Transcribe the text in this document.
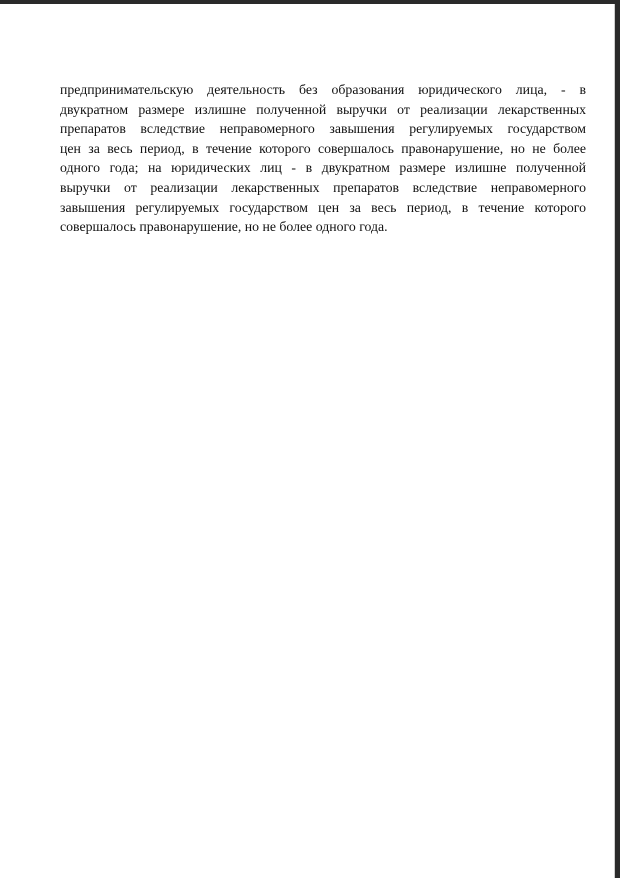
предпринимательскую деятельность без образования юридического лица, - в
двукратном размере излишне полученной выручки от реализации лекарственных
препаратов вследствие неправомерного завышения регулируемых государством
цен за весь период, в течение которого совершалось правонарушение, но не более
одного года; на юридических лиц - в двукратном размере излишне полученной
выручки от реализации лекарственных препаратов вследствие неправомерного
завышения регулируемых государством цен за весь период, в течение которого
совершалось правонарушение, но не более одного года.
